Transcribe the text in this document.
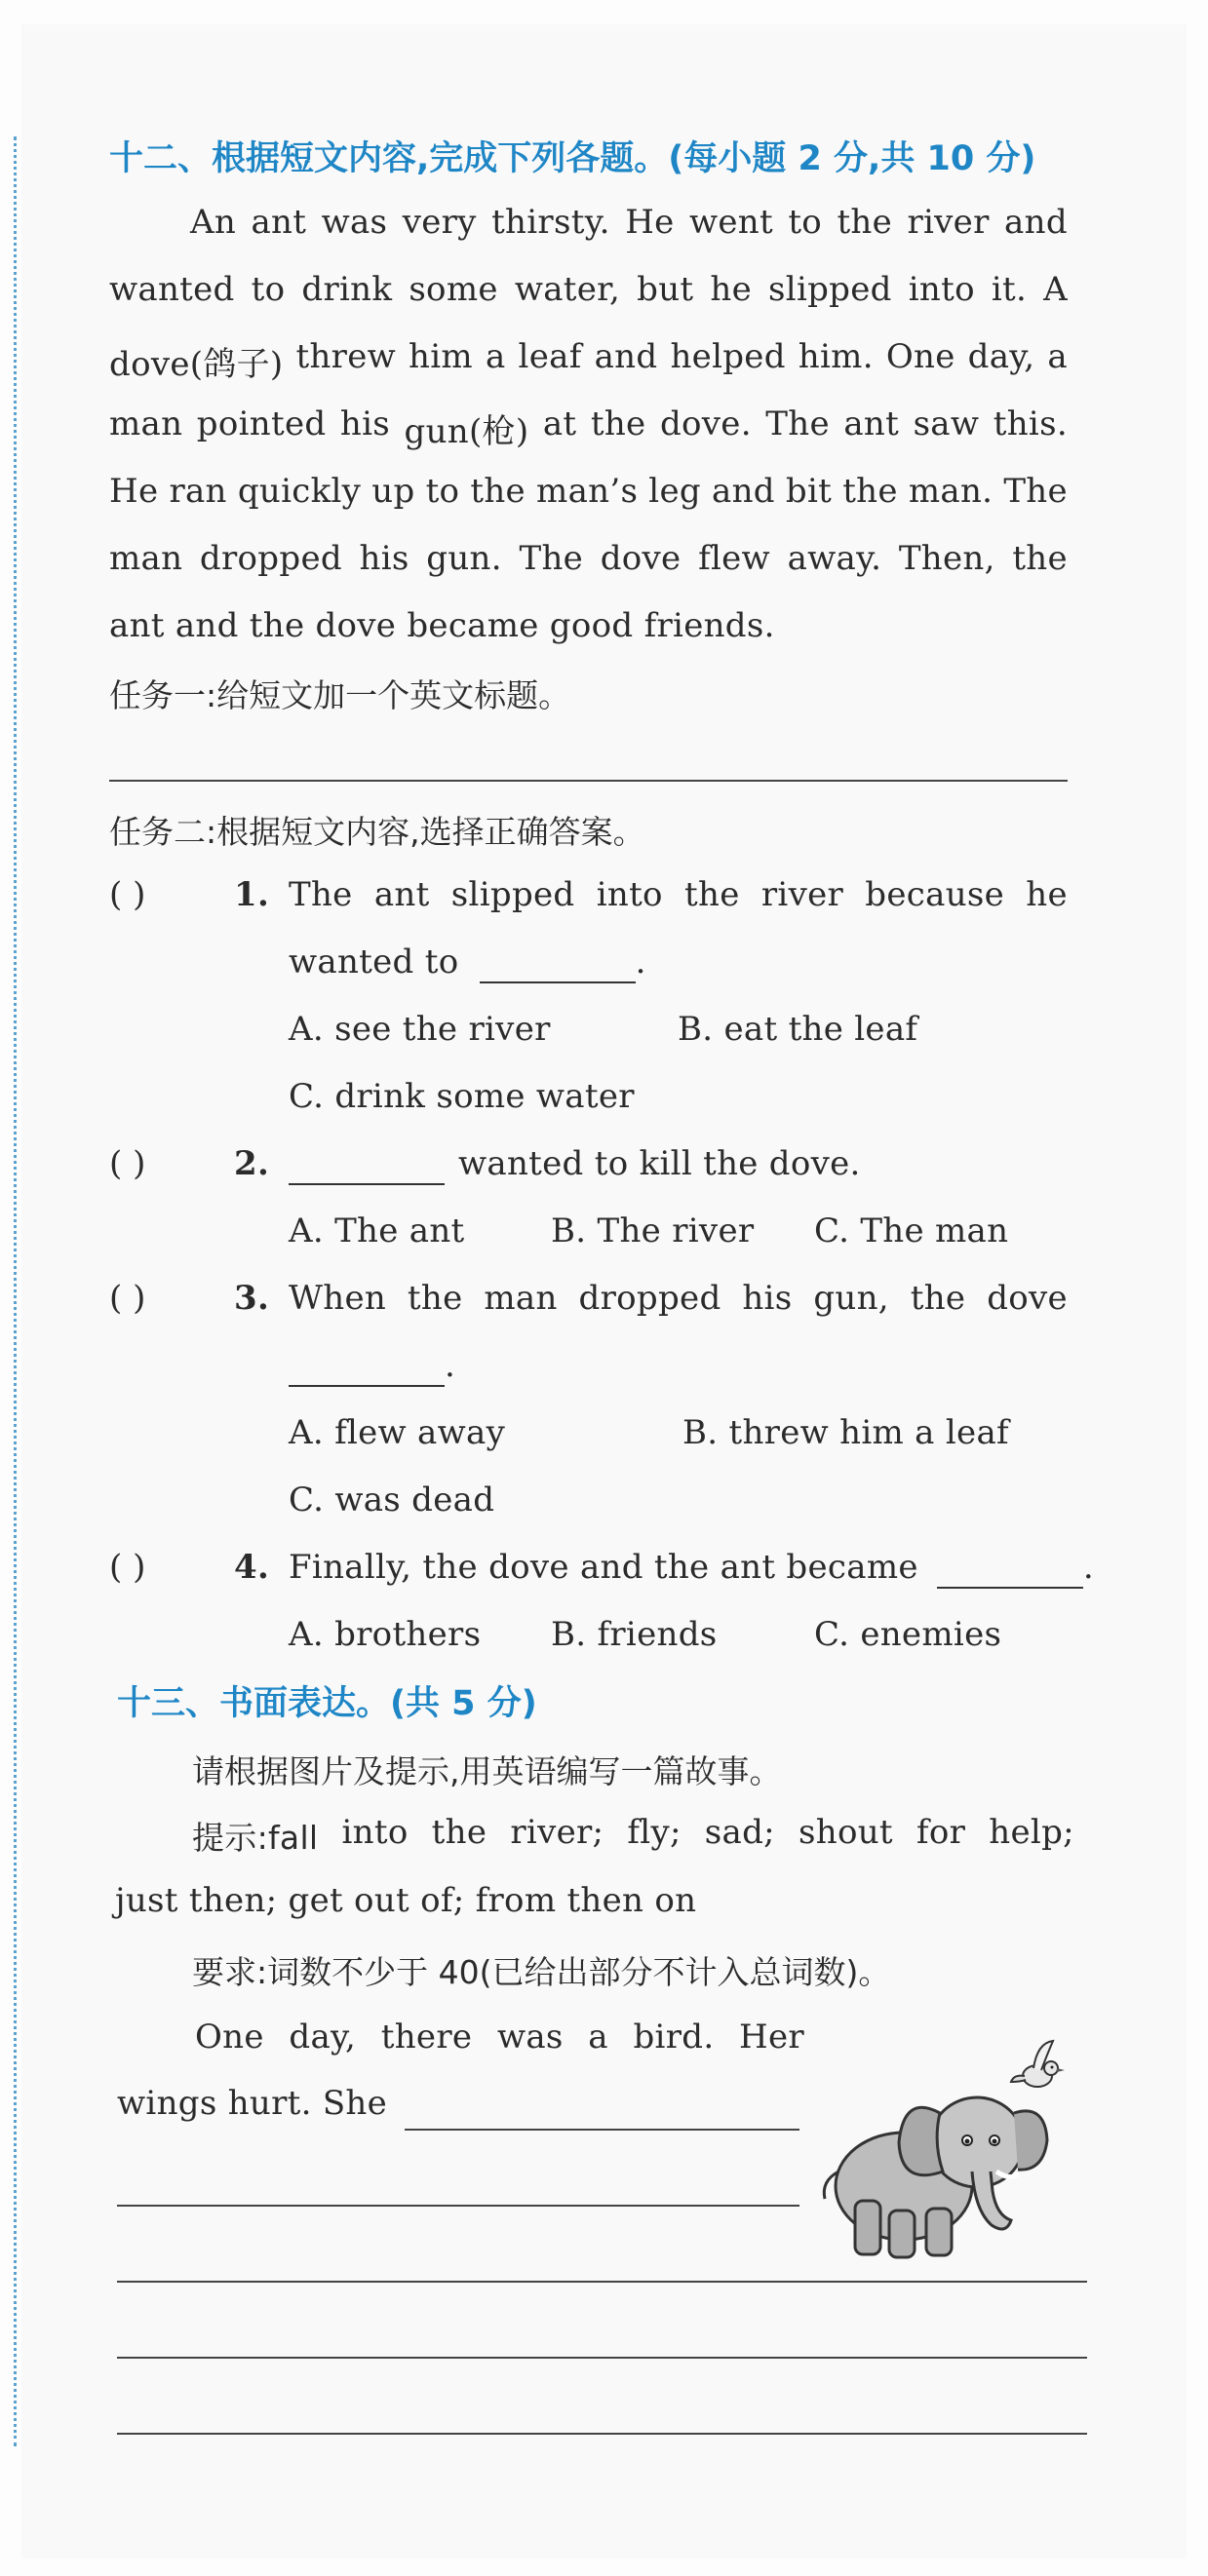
十二、根据短文内容,完成下列各题。(每小题 2 分,共 10 分)
An ant was very thirsty. He went to the river and
wanted to drink some water, but he slipped into it. A
dove(鸽子) threw him a leaf and helped him. One day, a
man pointed his gun(枪) at the dove. The ant saw this.
He ran quickly up to the man’s leg and bit the man. The
man dropped his gun. The dove flew away. Then, the
ant and the dove became good friends.
任务一:给短文加一个英文标题。
任务二:根据短文内容,选择正确答案。
( )	1. The ant slipped into the river because he
wanted to	.
A. see the river	B. eat the leaf
C. drink some water
( )	2.	wanted to kill the dove.
A. The ant	B. The river C. The man
( )	3. When the man dropped his gun, the dove
.
A. flew away	B. threw him a leaf
C. was dead
( )	4. Finally, the dove and the ant became	.
A. brothers B. friends	C. enemies
十三、书面表达。(共 5 分)
请根据图片及提示,用英语编写一篇故事。
提示:fall into the river; fly; sad; shout for help;
just then; get out of; from then on
要求:词数不少于 40(已给出部分不计入总词数)。
One day, there was a bird. Her
wings hurt. She
